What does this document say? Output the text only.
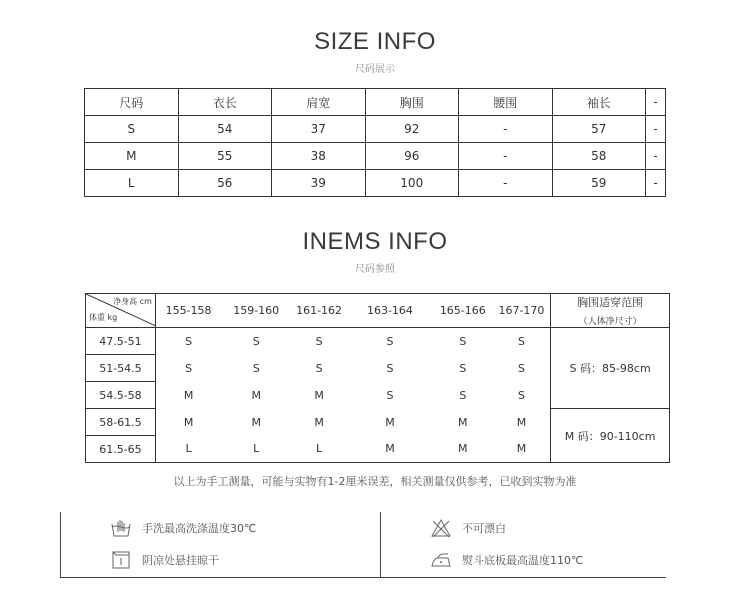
SIZE INFO
尺码展示
尺码	衣长	肩宽	胸围	腰围	袖长	-
S	54	37	92	-	57	-
M	55	38	96	-	58	-
L	56	39	100	-	59	-
INEMS INFO
尺码参照
净身高 cm
体重 kg	155-158	159-160	161-162	163-164	165-166	167-170	胸围适穿范围
（人体净尺寸）

47.5-51	S	S	S	S	S	S	S 码：85-98cm
51-54.5	S	S	S	S	S	S	
54.5-58	M	M	M	S	S	S	
58-61.5	M	M	M	M	M	M	M 码：90-110cm
61.5-65	L	L	L	M	M	M	
以上为手工测量，可能与实物有1-2厘米误差，相关测量仅供参考，已收到实物为准
手洗最高洗涤温度30℃
阴凉处悬挂晾干
不可漂白
熨斗底板最高温度110℃
